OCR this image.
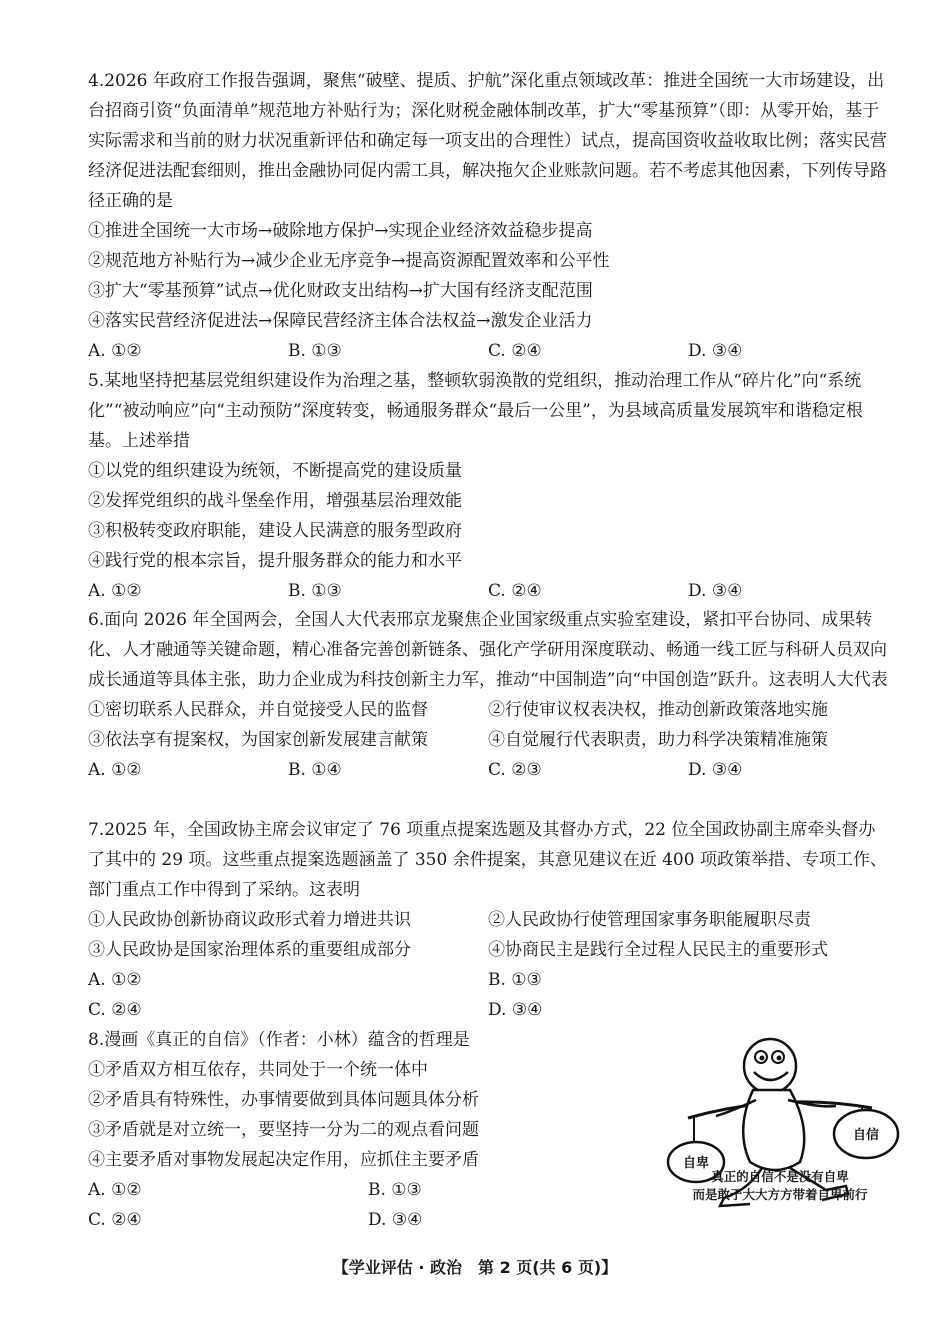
4.2026 年政府工作报告强调，聚焦“破壁、提质、护航”深化重点领域改革：推进全国统一大市场建设，出台招商引资“负面清单”规范地方补贴行为；深化财税金融体制改革，扩大“零基预算”（即：从零开始，基于实际需求和当前的财力状况重新评估和确定每一项支出的合理性）试点，提高国资收益收取比例；落实民营经济促进法配套细则，推出金融协同促内需工具，解决拖欠企业账款问题。若不考虑其他因素，下列传导路径正确的是

①推进全国统一大市场→破除地方保护→实现企业经济效益稳步提高

②规范地方补贴行为→减少企业无序竞争→提高资源配置效率和公平性

③扩大“零基预算”试点→优化财政支出结构→扩大国有经济支配范围

④落实民营经济促进法→保障民营经济主体合法权益→激发企业活力

A. ①②	B. ①③	C. ②④	D. ③④

5.某地坚持把基层党组织建设作为治理之基，整顿软弱涣散的党组织，推动治理工作从“碎片化”向“系统化”“被动响应”向“主动预防”深度转变，畅通服务群众“最后一公里”，为县域高质量发展筑牢和谐稳定根基。上述举措

①以党的组织建设为统领，不断提高党的建设质量

②发挥党组织的战斗堡垒作用，增强基层治理效能

③积极转变政府职能，建设人民满意的服务型政府

④践行党的根本宗旨，提升服务群众的能力和水平

A. ①②	B. ①③	C. ②④	D. ③④

6.面向 2026 年全国两会，全国人大代表邢京龙聚焦企业国家级重点实验室建设，紧扣平台协同、成果转化、人才融通等关键命题，精心准备完善创新链条、强化产学研用深度联动、畅通一线工匠与科研人员双向成长通道等具体主张，助力企业成为科技创新主力军，推动“中国制造”向“中国创造”跃升。这表明人大代表

①密切联系人民群众，并自觉接受人民的监督	②行使审议权表决权，推动创新政策落地实施
③依法享有提案权，为国家创新发展建言献策	④自觉履行代表职责，助力科学决策精准施策
A. ①②	B. ①④	C. ②③	D. ③④

7.2025 年，全国政协主席会议审定了 76 项重点提案选题及其督办方式，22 位全国政协副主席牵头督办了其中的 29 项。这些重点提案选题涵盖了 350 余件提案，其意见建议在近 400 项政策举措、专项工作、部门重点工作中得到了采纳。这表明

①人民政协创新协商议政形式着力增进共识	②人民政协行使管理国家事务职能履职尽责
③人民政协是国家治理体系的重要组成部分	④协商民主是践行全过程人民民主的重要形式
A. ①②	B. ①③
C. ②④	D. ③④

8.漫画《真正的自信》（作者：小林）蕴含的哲理是

①矛盾双方相互依存，共同处于一个统一体中

②矛盾具有特殊性，办事情要做到具体问题具体分析

③矛盾就是对立统一，要坚持一分为二的观点看问题

④主要矛盾对事物发展起决定作用，应抓住主要矛盾

A. ①②	B. ①③
C. ②④	D. ③④
自卑
自信
真正的自信不是没有自卑
而是敢于大大方方带着自卑前行
【学业评估 · 政治　第 2 页(共 6 页)】
